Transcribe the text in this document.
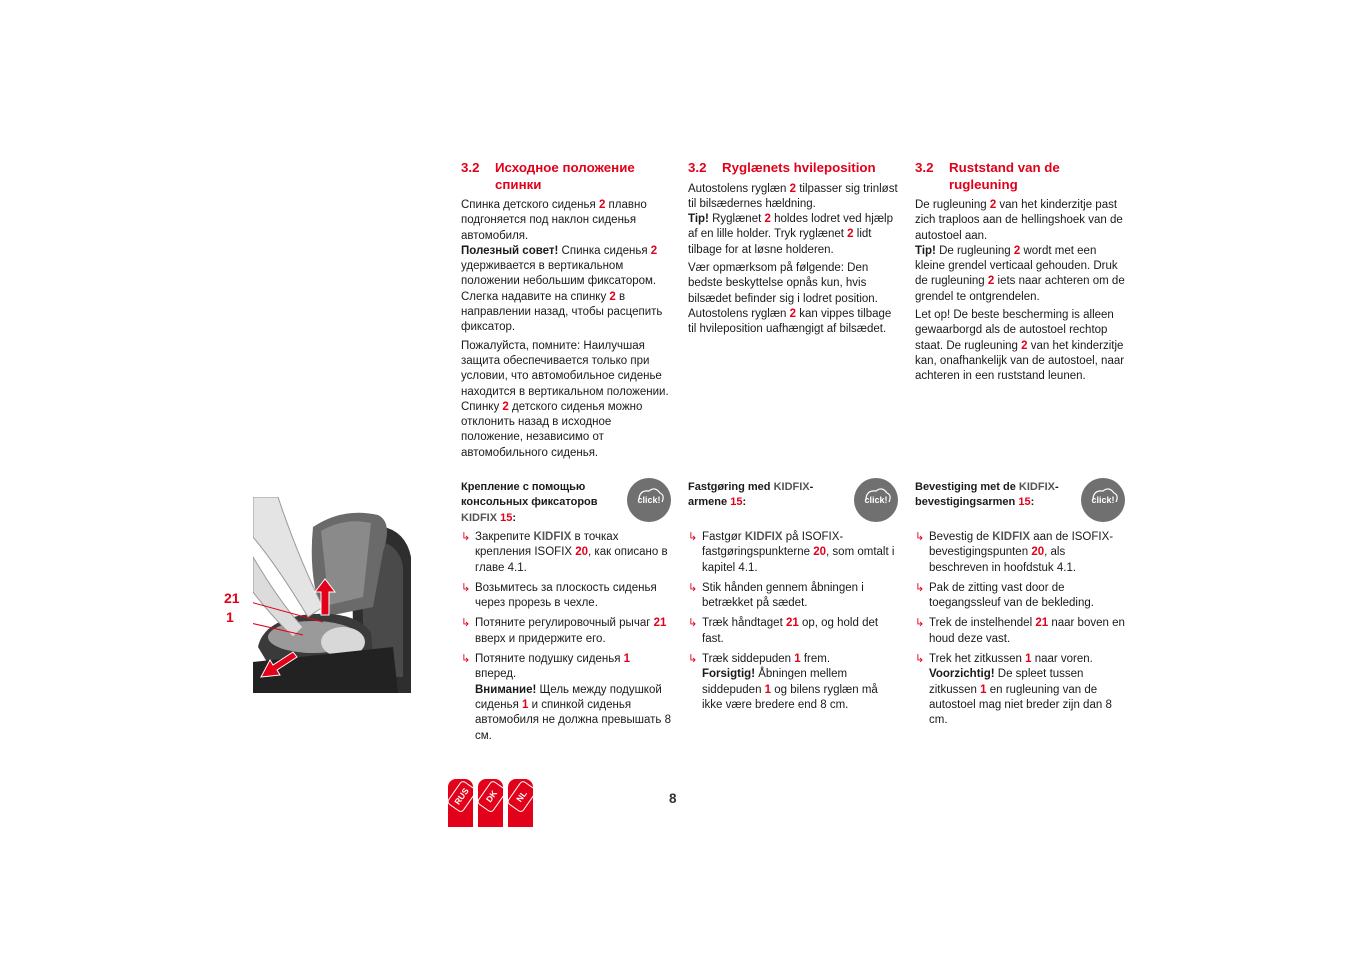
21
1
3.2	Исходное положение спинки

Спинка детского сиденья 2 плавно подгоняется под наклон сиденья автомобиля.
Полезный совет! Спинка сиденья 2 удерживается в вертикальном положении небольшим фиксатором. Слегка надавите на спинку 2 в направлении назад, чтобы расцепить фиксатор.

Пожалуйста, помните: Наилучшая защита обеспечивается только при условии, что автомобильное сиденье находится в вертикальном положении. Спинку 2 детского сиденья можно отклонить назад в исходное положение, независимо от автомобильного сиденья.

3.2	Ryglænets hvileposition

Autostolens ryglæn 2 tilpasser sig trinløst til bilsædernes hældning.
Tip! Ryglænet 2 holdes lodret ved hjælp af en lille holder. Tryk ryglænet 2 lidt tilbage for at løsne holderen.

Vær opmærksom på følgende: Den bedste beskyttelse opnås kun, hvis bilsædet befinder sig i lodret position. Autostolens ryglæn 2 kan vippes tilbage til hvileposition uafhængigt af bilsædet.

3.2	Ruststand van de rugleuning

De rugleuning 2 van het kinderzitje past zich traploos aan de hellingshoek van de autostoel aan.
Tip! De rugleuning 2 wordt met een kleine grendel verticaal gehouden. Druk de rugleuning 2 iets naar achteren om de grendel te ontgrendelen.

Let op! De beste bescherming is alleen gewaarborgd als de autostoel rechtop staat. De rugleuning 2 van het kinderzitje kan, onafhankelijk van de autostoel, naar achteren in een ruststand leunen.

Крепление с помощью консольных фиксаторов KIDFIX 15:
click!
↳ Закрепите KIDFIX в точках крепления ISOFIX 20, как описано в главе 4.1.
↳ Возьмитесь за плоскость сиденья через прорезь в чехле.
↳ Потяните регулировочный рычаг 21 вверх и придержите его.
↳ Потяните подушку сиденья 1 вперед.
Внимание! Щель между подушкой сиденья 1 и спинкой сиденья автомобиля не должна превышать 8 см.
Fastgøring med KIDFIX-armene 15:	click!
↳ Fastgør KIDFIX på ISOFIX-fastgøringspunkterne 20, som omtalt i kapitel 4.1.
↳ Stik hånden gennem åbningen i betrækket på sædet.
↳ Træk håndtaget 21 op, og hold det fast.
↳ Træk siddepuden 1 frem.
Forsigtig! Åbningen mellem siddepuden 1 og bilens ryglæn må ikke være bredere end 8 cm.
Bevestiging met de KIDFIX-bevestigingsarmen 15:	click!
↳ Bevestig de KIDFIX aan de ISOFIX-bevestigingspunten 20, als beschreven in hoofdstuk 4.1.
↳ Pak de zitting vast door de toegangssleuf van de bekleding.
↳ Trek de instelhendel 21 naar boven en houd deze vast.
↳ Trek het zitkussen 1 naar voren.
Voorzichtig! De spleet tussen zitkussen 1 en rugleuning van de autostoel mag niet breder zijn dan 8 cm.
RUS	DK	NL	8
